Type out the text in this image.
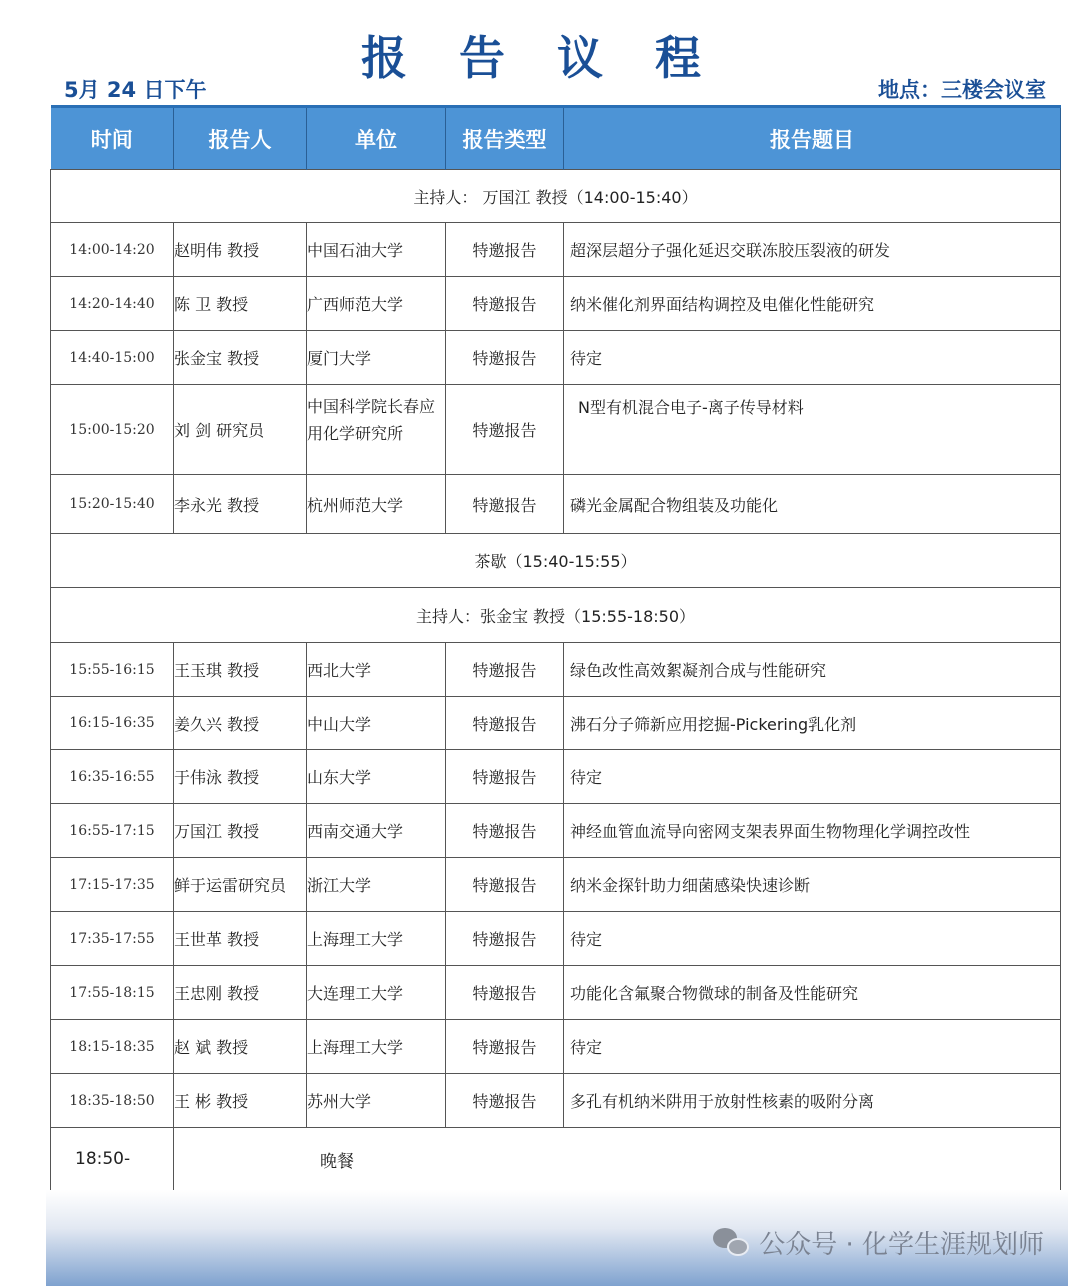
报 告 议 程
5月 24 日下午	地点：三楼会议室
时间	报告人	单位	报告类型	报告题目
主持人： 万国江 教授（14:00-15:40）				
14:00-14:20	赵明伟 教授	中国石油大学	特邀报告	超深层超分子强化延迟交联冻胶压裂液的研发
14:20-14:40	陈 卫 教授	广西师范大学	特邀报告	纳米催化剂界面结构调控及电催化性能研究
14:40-15:00	张金宝 教授	厦门大学	特邀报告	待定
15:00-15:20	刘 剑 研究员	中国科学院长春应用化学研究所	特邀报告	N型有机混合电子-离子传导材料
15:20-15:40	李永光 教授	杭州师范大学	特邀报告	磷光金属配合物组装及功能化
茶歇（15:40-15:55）				
主持人：张金宝 教授（15:55-18:50）				
15:55-16:15	王玉琪 教授	西北大学	特邀报告	绿色改性高效絮凝剂合成与性能研究
16:15-16:35	姜久兴 教授	中山大学	特邀报告	沸石分子筛新应用挖掘-Pickering乳化剂
16:35-16:55	于伟泳 教授	山东大学	特邀报告	待定
16:55-17:15	万国江 教授	西南交通大学	特邀报告	神经血管血流导向密网支架表界面生物物理化学调控改性
17:15-17:35	鲜于运雷研究员	浙江大学	特邀报告	纳米金探针助力细菌感染快速诊断
17:35-17:55	王世革 教授	上海理工大学	特邀报告	待定
17:55-18:15	王忠刚 教授	大连理工大学	特邀报告	功能化含氟聚合物微球的制备及性能研究
18:15-18:35	赵 斌 教授	上海理工大学	特邀报告	待定
18:35-18:50	王 彬 教授	苏州大学	特邀报告	多孔有机纳米阱用于放射性核素的吸附分离
18:50-	晚餐			
公众号 · 化学生涯规划师
